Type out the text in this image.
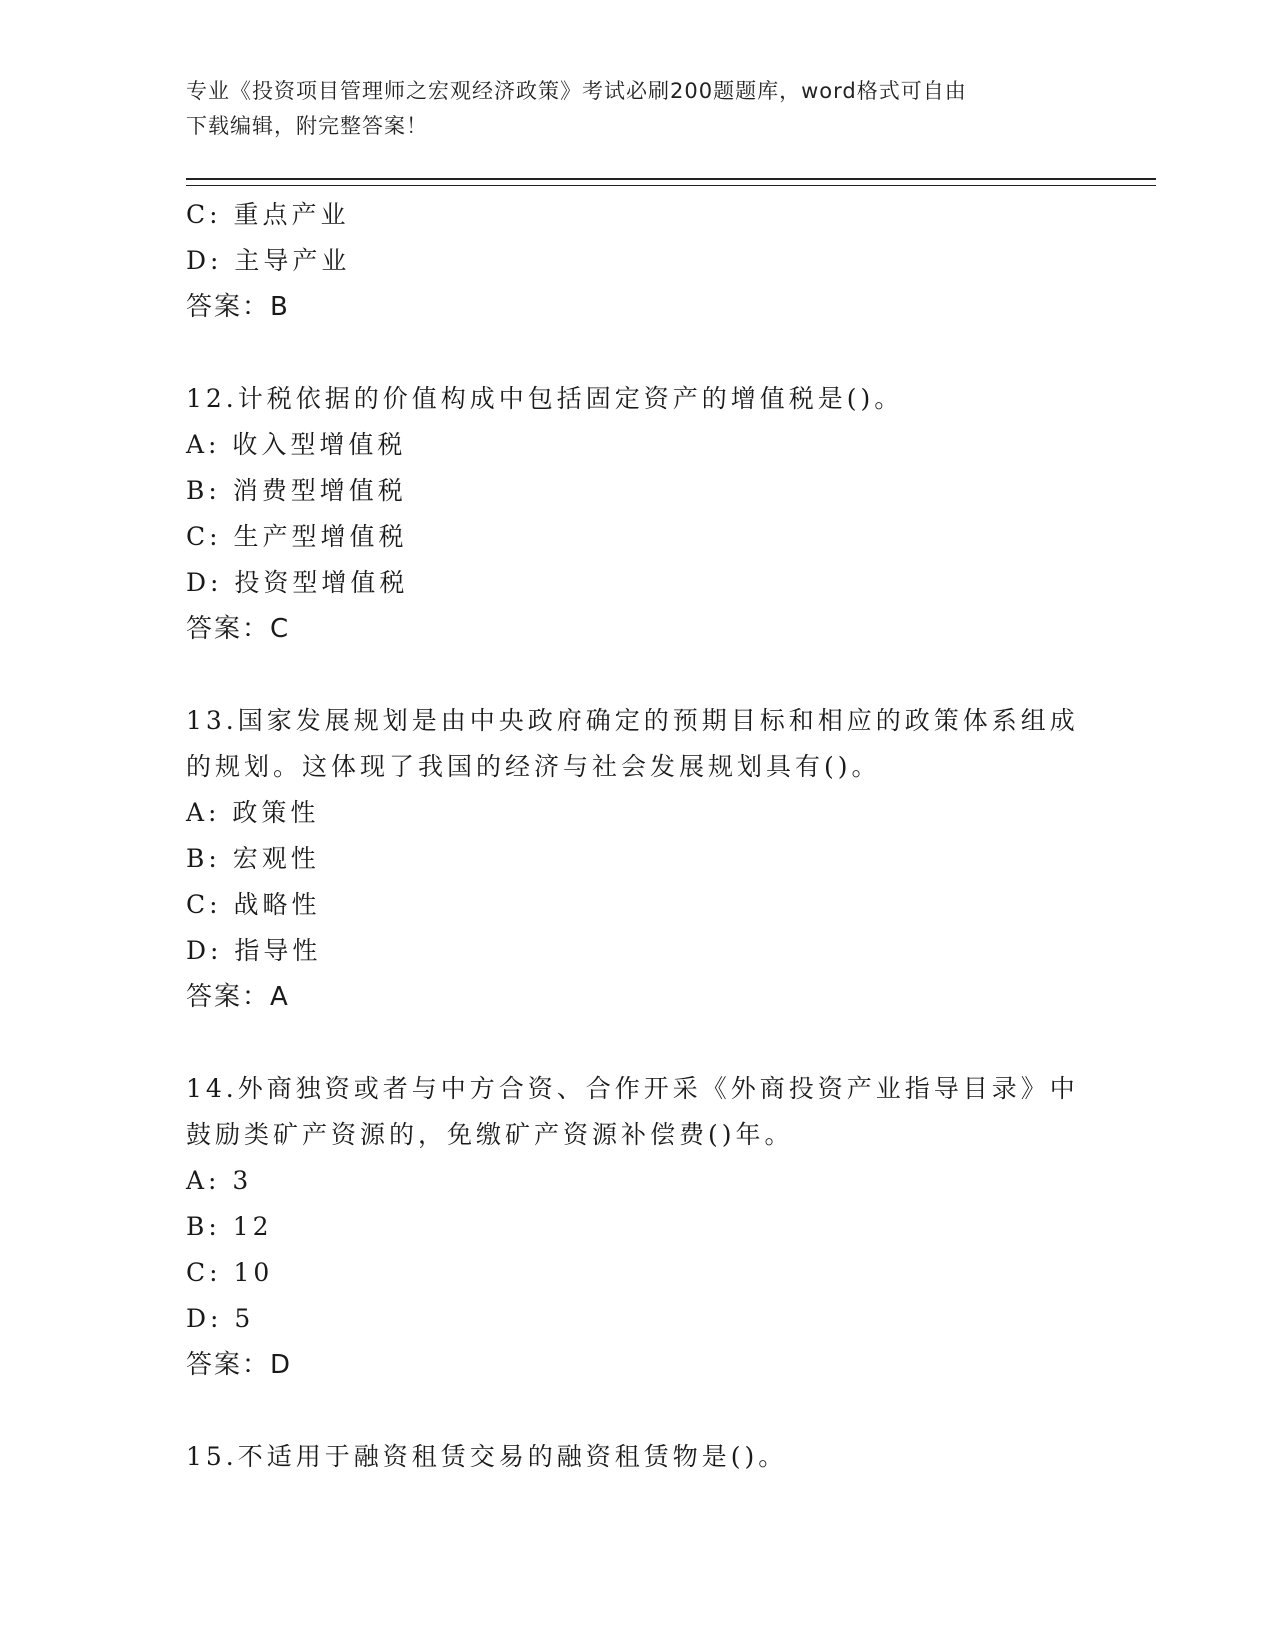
专业《投资项目管理师之宏观经济政策》考试必刷200题题库，word格式可自由
下载编辑，附完整答案！
C: 重点产业
D: 主导产业
答案：B
12.计税依据的价值构成中包括固定资产的增值税是()。
A: 收入型增值税
B: 消费型增值税
C: 生产型增值税
D: 投资型增值税
答案：C
13.国家发展规划是由中央政府确定的预期目标和相应的政策体系组成
的规划。这体现了我国的经济与社会发展规划具有()。
A: 政策性
B: 宏观性
C: 战略性
D: 指导性
答案：A
14.外商独资或者与中方合资、合作开采《外商投资产业指导目录》中
鼓励类矿产资源的，免缴矿产资源补偿费()年。
A: 3
B: 12
C: 10
D: 5
答案：D
15.不适用于融资租赁交易的融资租赁物是()。
